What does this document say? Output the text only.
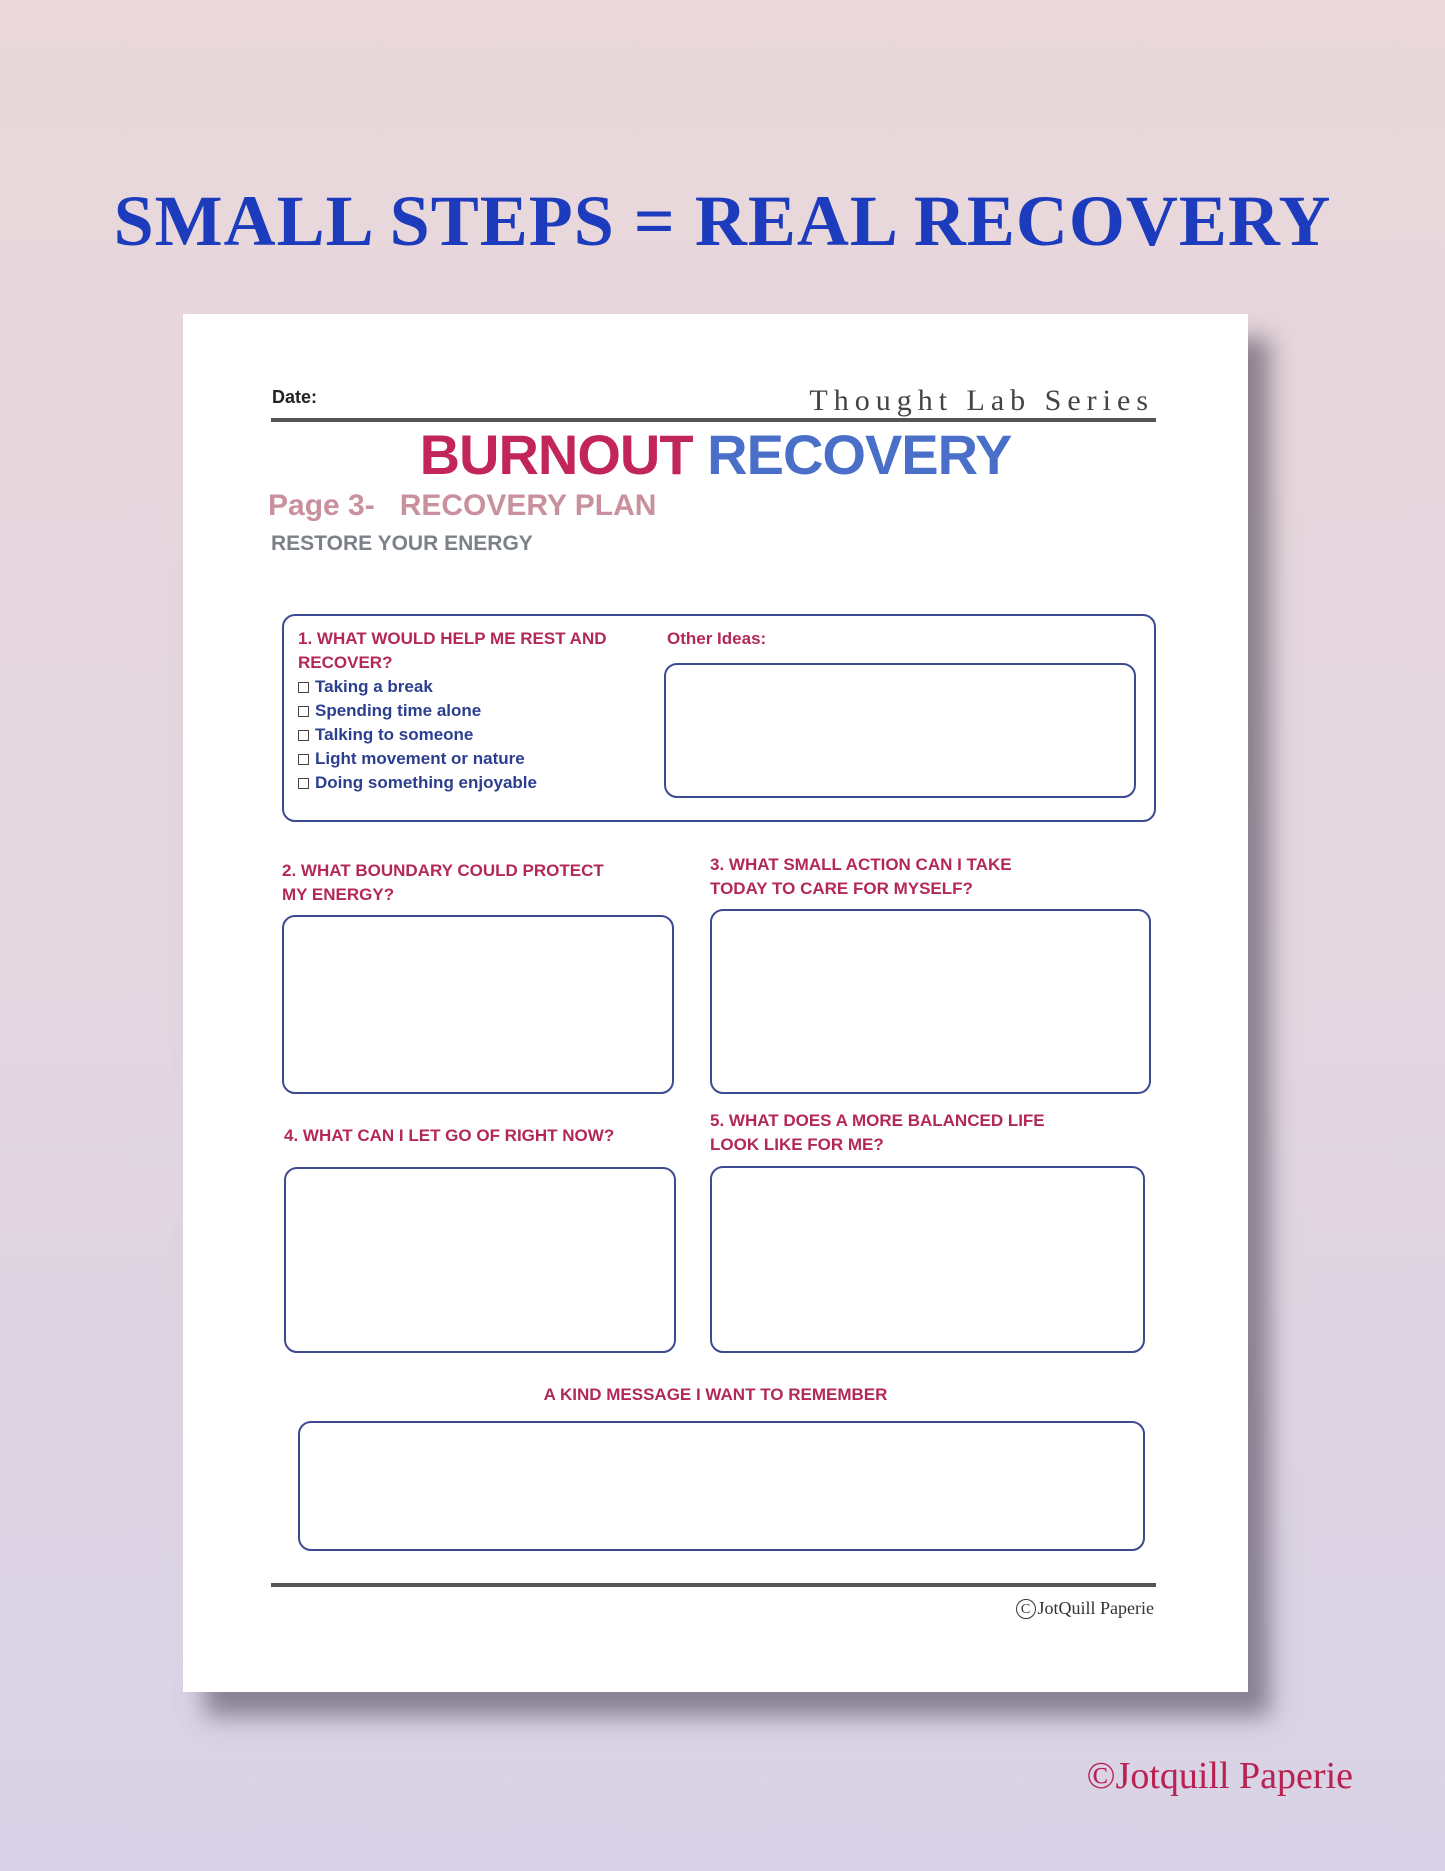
SMALL STEPS = REAL RECOVERY
Date:	Thought Lab Series
BURNOUT RECOVERY
Page 3-   RECOVERY PLAN
RESTORE YOUR ENERGY
1. WHAT WOULD HELP ME REST AND
RECOVER?
Taking a break
Spending time alone
Talking to someone
Light movement or nature
Doing something enjoyable
Other Ideas:
2. WHAT BOUNDARY COULD PROTECT
MY ENERGY?
3. WHAT SMALL ACTION CAN I TAKE
TODAY TO CARE FOR MYSELF?
4. WHAT CAN I LET GO OF RIGHT NOW?
5. WHAT DOES A MORE BALANCED LIFE
LOOK LIKE FOR ME?
A KIND MESSAGE I WANT TO REMEMBER
C JotQuill Paperie
©Jotquill Paperie
